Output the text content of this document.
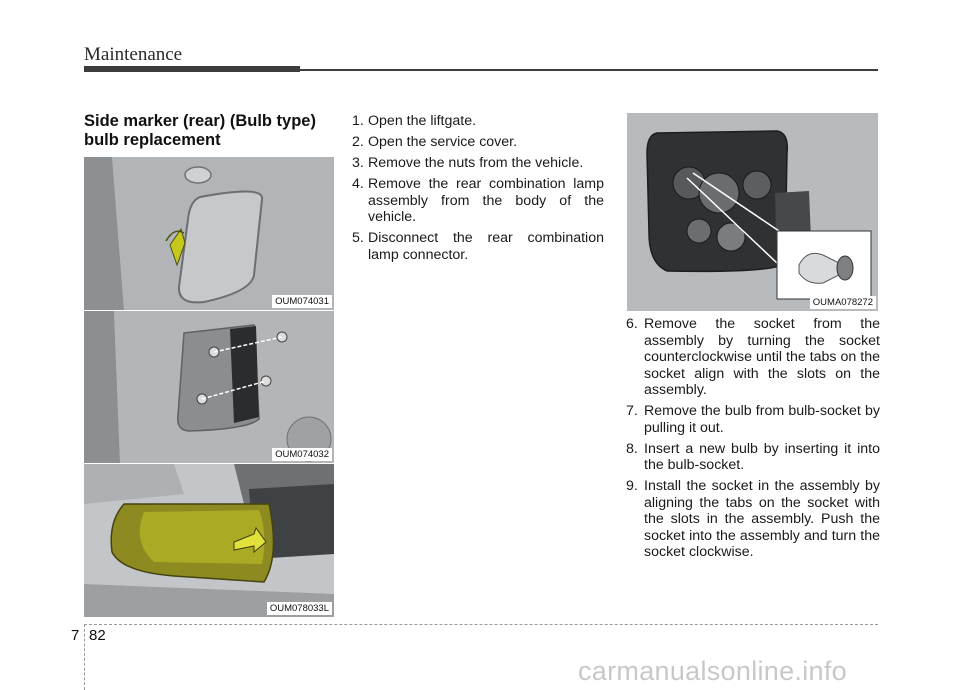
Maintenance
Side marker (rear) (Bulb type)
bulb replacement
OUM074031
OUM074032
OUM078033L
OUMA078272
1. Open the liftgate.
2. Open the service cover.
3. Remove the nuts from the vehicle.
4. Remove the rear combination lamp assembly from the body of the vehicle.
5. Disconnect the rear combination lamp connector.
6. Remove the socket from the assembly by turning the socket counterclockwise until the tabs on the socket align with the slots on the assembly.
7. Remove the bulb from bulb-socket by pulling it out.
8. Insert a new bulb by inserting it into the bulb-socket.
9. Install the socket in the assembly by aligning the tabs on the socket with the slots in the assembly. Push the socket into the assembly and turn the socket clockwise.
7 82
carmanualsonline.info
